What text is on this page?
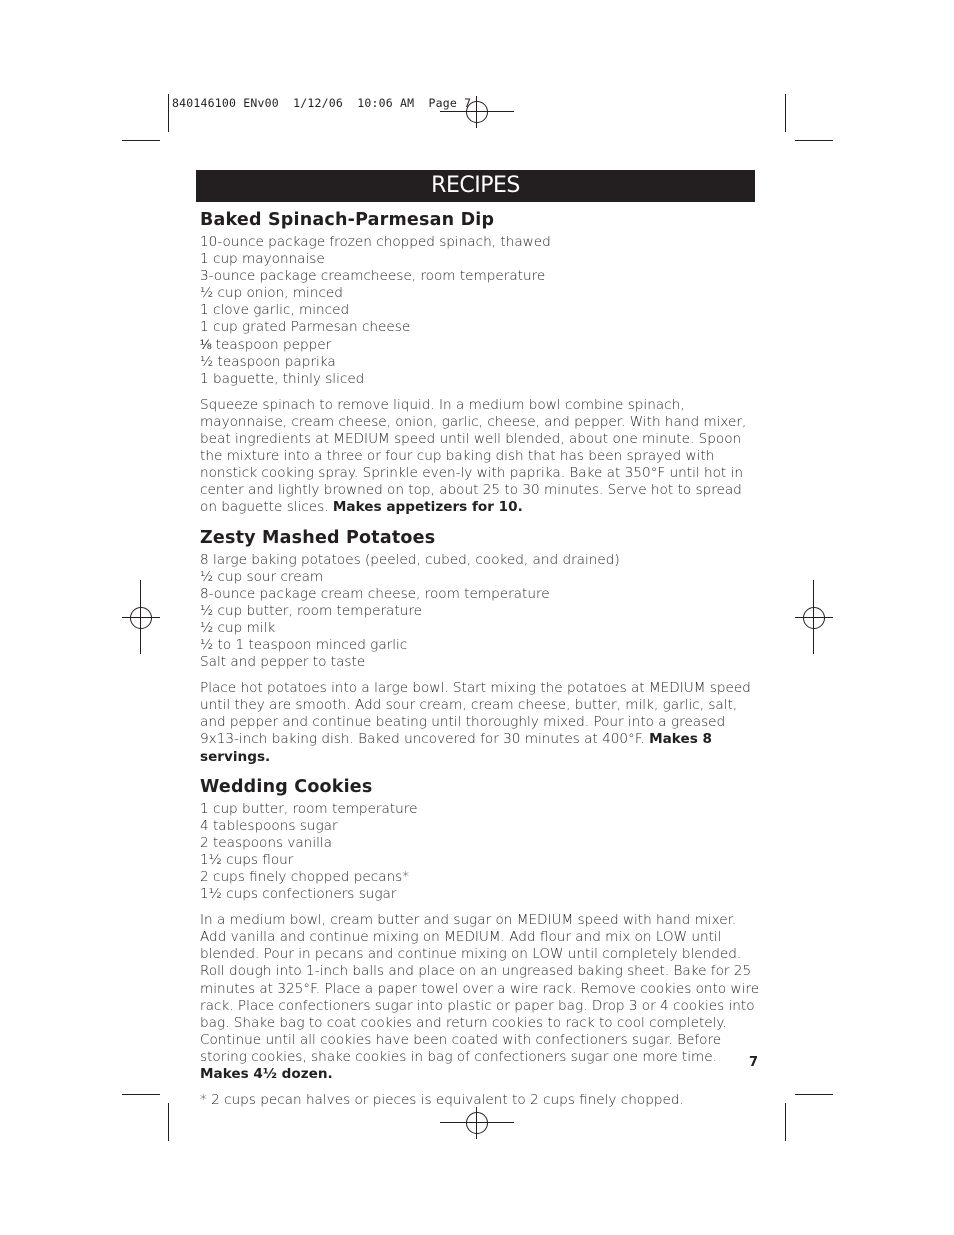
840146100 ENv00  1/12/06  10:06 AM  Page 7
RECIPES
Baked Spinach-Parmesan Dip
10-ounce package frozen chopped spinach, thawed
1 cup mayonnaise
3-ounce package creamcheese, room temperature
½ cup onion, minced
1 clove garlic, minced
1 cup grated Parmesan cheese
⅛ teaspoon pepper
½ teaspoon paprika
1 baguette, thinly sliced

Squeeze spinach to remove liquid. In a medium bowl combine spinach, mayonnaise, cream cheese, onion, garlic, cheese, and pepper. With hand mixer, beat ingredients at MEDIUM speed until well blended, about one minute. Spoon the mixture into a three or four cup baking dish that has been sprayed with nonstick cooking spray. Sprinkle even-ly with paprika. Bake at 350°F until hot in center and lightly browned on top, about 25 to 30 minutes. Serve hot to spread on baguette slices. Makes appetizers for 10.

Zesty Mashed Potatoes
8 large baking potatoes (peeled, cubed, cooked, and drained)
½ cup sour cream
8-ounce package cream cheese, room temperature
½ cup butter, room temperature
½ cup milk
½ to 1 teaspoon minced garlic
Salt and pepper to taste

Place hot potatoes into a large bowl. Start mixing the potatoes at MEDIUM speed until they are smooth. Add sour cream, cream cheese, butter, milk, garlic, salt, and pepper and continue beating until thoroughly mixed. Pour into a greased 9x13-inch baking dish. Baked uncovered for 30 minutes at 400°F. Makes 8 servings.

Wedding Cookies
1 cup butter, room temperature
4 tablespoons sugar
2 teaspoons vanilla
1½ cups flour
2 cups finely chopped pecans*
1½ cups confectioners sugar

In a medium bowl, cream butter and sugar on MEDIUM speed with hand mixer. Add vanilla and continue mixing on MEDIUM. Add flour and mix on LOW until blended. Pour in pecans and continue mixing on LOW until completely blended. Roll dough into 1-inch balls and place on an ungreased baking sheet. Bake for 25 minutes at 325°F. Place a paper towel over a wire rack. Remove cookies onto wire rack. Place confectioners sugar into plastic or paper bag. Drop 3 or 4 cookies into bag. Shake bag to coat cookies and return cookies to rack to cool completely. Continue until all cookies have been coated with confectioners sugar. Before storing cookies, shake cookies in bag of confectioners sugar one more time. Makes 4½ dozen.

* 2 cups pecan halves or pieces is equivalent to 2 cups finely chopped.

7
